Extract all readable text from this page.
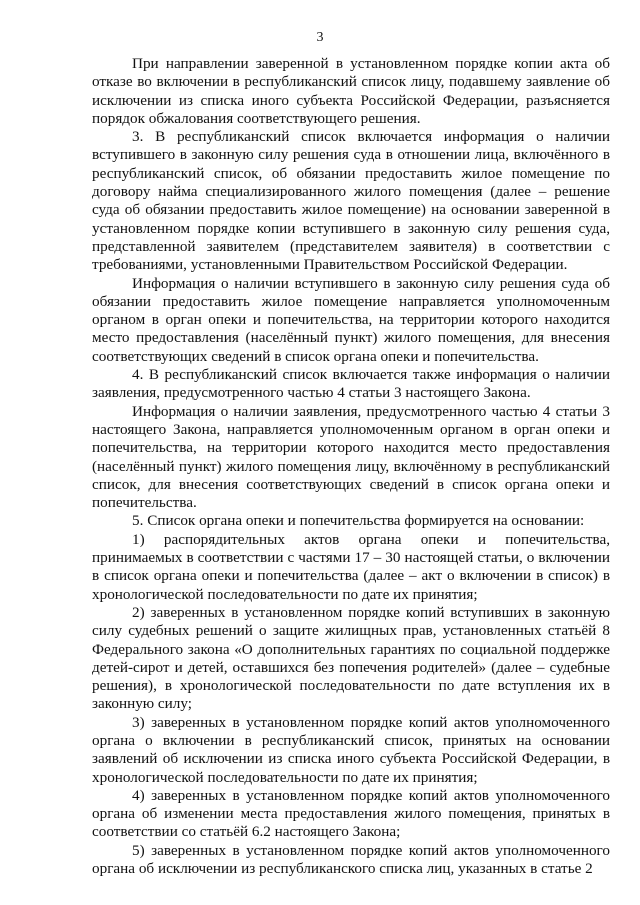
3

При направлении заверенной в установленном порядке копии акта об отказе во включении в республиканский список лицу, подавшему заявление об исключении из списка иного субъекта Российской Федерации, разъясняется порядок обжалования соответствующего решения.

3. В республиканский список включается информация о наличии вступившего в законную силу решения суда в отношении лица, включённого в республиканский список, об обязании предоставить жилое помещение по договору найма специализированного жилого помещения (далее – решение суда об обязании предоставить жилое помещение) на основании заверенной в установленном порядке копии вступившего в законную силу решения суда, представленной заявителем (представителем заявителя) в соответствии с требованиями, установленными Правительством Российской Федерации.

Информация о наличии вступившего в законную силу решения суда об обязании предоставить жилое помещение направляется уполномоченным органом в орган опеки и попечительства, на территории которого находится место предоставления (населённый пункт) жилого помещения, для внесения соответствующих сведений в список органа опеки и попечительства.

4. В республиканский список включается также информация о наличии заявления, предусмотренного частью 4 статьи 3 настоящего Закона.

Информация о наличии заявления, предусмотренного частью 4 статьи 3 настоящего Закона, направляется уполномоченным органом в орган опеки и попечительства, на территории которого находится место предоставления (населённый пункт) жилого помещения лицу, включённому в республиканский список, для внесения соответствующих сведений в список органа опеки и попечительства.

5. Список органа опеки и попечительства формируется на основании:

1) распорядительных актов органа опеки и попечительства, принимаемых в соответствии с частями 17 – 30 настоящей статьи, о включении в список органа опеки и попечительства (далее – акт о включении в список) в хронологической последовательности по дате их принятия;

2) заверенных в установленном порядке копий вступивших в законную силу судебных решений о защите жилищных прав, установленных статьёй 8 Федерального закона «О дополнительных гарантиях по социальной поддержке детей-сирот и детей, оставшихся без попечения родителей» (далее – судебные решения), в хронологической последовательности по дате вступления их в законную силу;

3) заверенных в установленном порядке копий актов уполномоченного органа о включении в республиканский список, принятых на основании заявлений об исключении из списка иного субъекта Российской Федерации, в хронологической последовательности по дате их принятия;

4) заверенных в установленном порядке копий актов уполномоченного органа об изменении места предоставления жилого помещения, принятых в соответствии со статьёй 6.2 настоящего Закона;

5) заверенных в установленном порядке копий актов уполномоченного органа об исключении из республиканского списка лиц, указанных в статье 2
